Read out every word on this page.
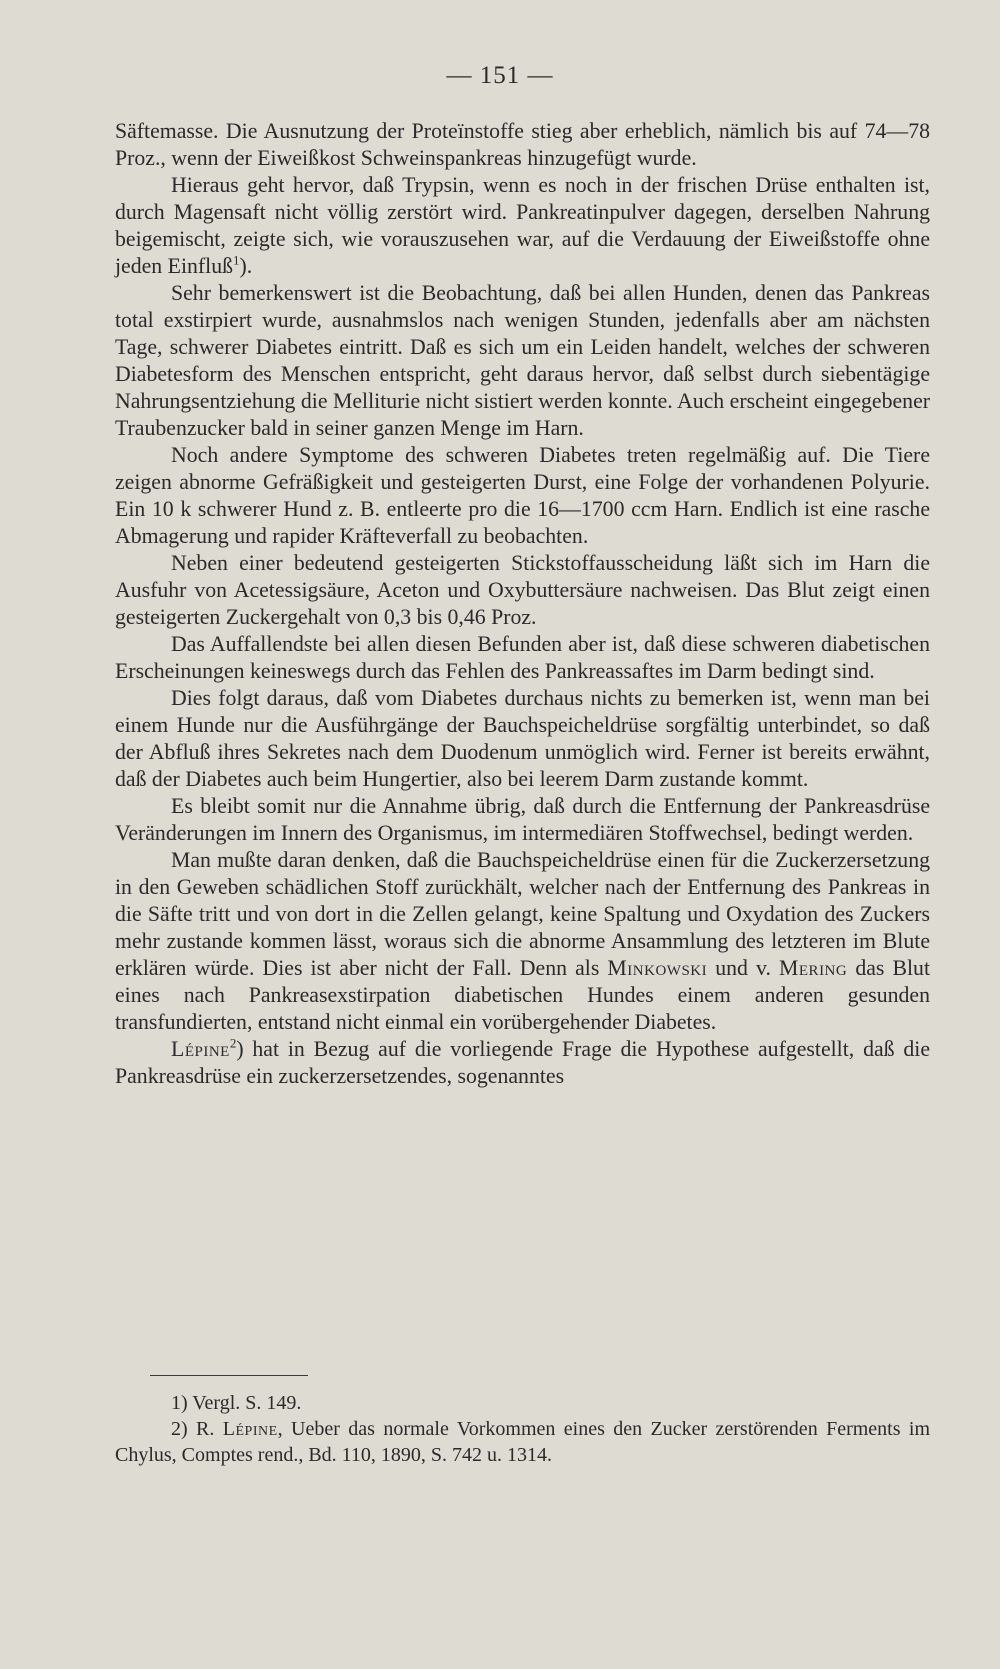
— 151 —

Säftemasse. Die Ausnutzung der Proteïnstoffe stieg aber erheblich, nämlich bis auf 74—78 Proz., wenn der Eiweißkost Schweinspankreas hinzugefügt wurde.

Hieraus geht hervor, daß Trypsin, wenn es noch in der frischen Drüse enthalten ist, durch Magensaft nicht völlig zerstört wird. Pankreatinpulver dagegen, derselben Nahrung beigemischt, zeigte sich, wie vorauszusehen war, auf die Verdauung der Eiweißstoffe ohne jeden Einfluß$^1$).

Sehr bemerkenswert ist die Beobachtung, daß bei allen Hunden, denen das Pankreas total exstirpiert wurde, ausnahmslos nach wenigen Stunden, jedenfalls aber am nächsten Tage, schwerer Diabetes eintritt. Daß es sich um ein Leiden handelt, welches der schweren Diabetesform des Menschen entspricht, geht daraus hervor, daß selbst durch siebentägige Nahrungsentziehung die Melliturie nicht sistiert werden konnte. Auch erscheint eingegebener Traubenzucker bald in seiner ganzen Menge im Harn.

Noch andere Symptome des schweren Diabetes treten regelmäßig auf. Die Tiere zeigen abnorme Gefräßigkeit und gesteigerten Durst, eine Folge der vorhandenen Polyurie. Ein 10 k schwerer Hund z. B. entleerte pro die 16—1700 ccm Harn. Endlich ist eine rasche Abmagerung und rapider Kräfteverfall zu beobachten.

Neben einer bedeutend gesteigerten Stickstoffausscheidung läßt sich im Harn die Ausfuhr von Acetessigsäure, Aceton und Oxybuttersäure nachweisen. Das Blut zeigt einen gesteigerten Zuckergehalt von 0,3 bis 0,46 Proz.

Das Auffallendste bei allen diesen Befunden aber ist, daß diese schweren diabetischen Erscheinungen keineswegs durch das Fehlen des Pankreassaftes im Darm bedingt sind.

Dies folgt daraus, daß vom Diabetes durchaus nichts zu bemerken ist, wenn man bei einem Hunde nur die Ausführgänge der Bauchspeicheldrüse sorgfältig unterbindet, so daß der Abfluß ihres Sekretes nach dem Duodenum unmöglich wird. Ferner ist bereits erwähnt, daß der Diabetes auch beim Hungertier, also bei leerem Darm zustande kommt.

Es bleibt somit nur die Annahme übrig, daß durch die Entfernung der Pankreasdrüse Veränderungen im Innern des Organismus, im intermediären Stoffwechsel, bedingt werden.

Man mußte daran denken, daß die Bauchspeicheldrüse einen für die Zuckerzersetzung in den Geweben schädlichen Stoff zurückhält, welcher nach der Entfernung des Pankreas in die Säfte tritt und von dort in die Zellen gelangt, keine Spaltung und Oxydation des Zuckers mehr zustande kommen lässt, woraus sich die abnorme Ansammlung des letzteren im Blute erklären würde. Dies ist aber nicht der Fall. Denn als Minkowski und v. Mering das Blut eines nach Pankreasexstirpation diabetischen Hundes einem anderen gesunden transfundierten, entstand nicht einmal ein vorübergehender Diabetes.

Lépine$^2$) hat in Bezug auf die vorliegende Frage die Hypothese aufgestellt, daß die Pankreasdrüse ein zuckerzersetzendes, sogenanntes

1) Vergl. S. 149.

2) R. Lépine, Ueber das normale Vorkommen eines den Zucker zerstörenden Ferments im Chylus, Comptes rend., Bd. 110, 1890, S. 742 u. 1314.
